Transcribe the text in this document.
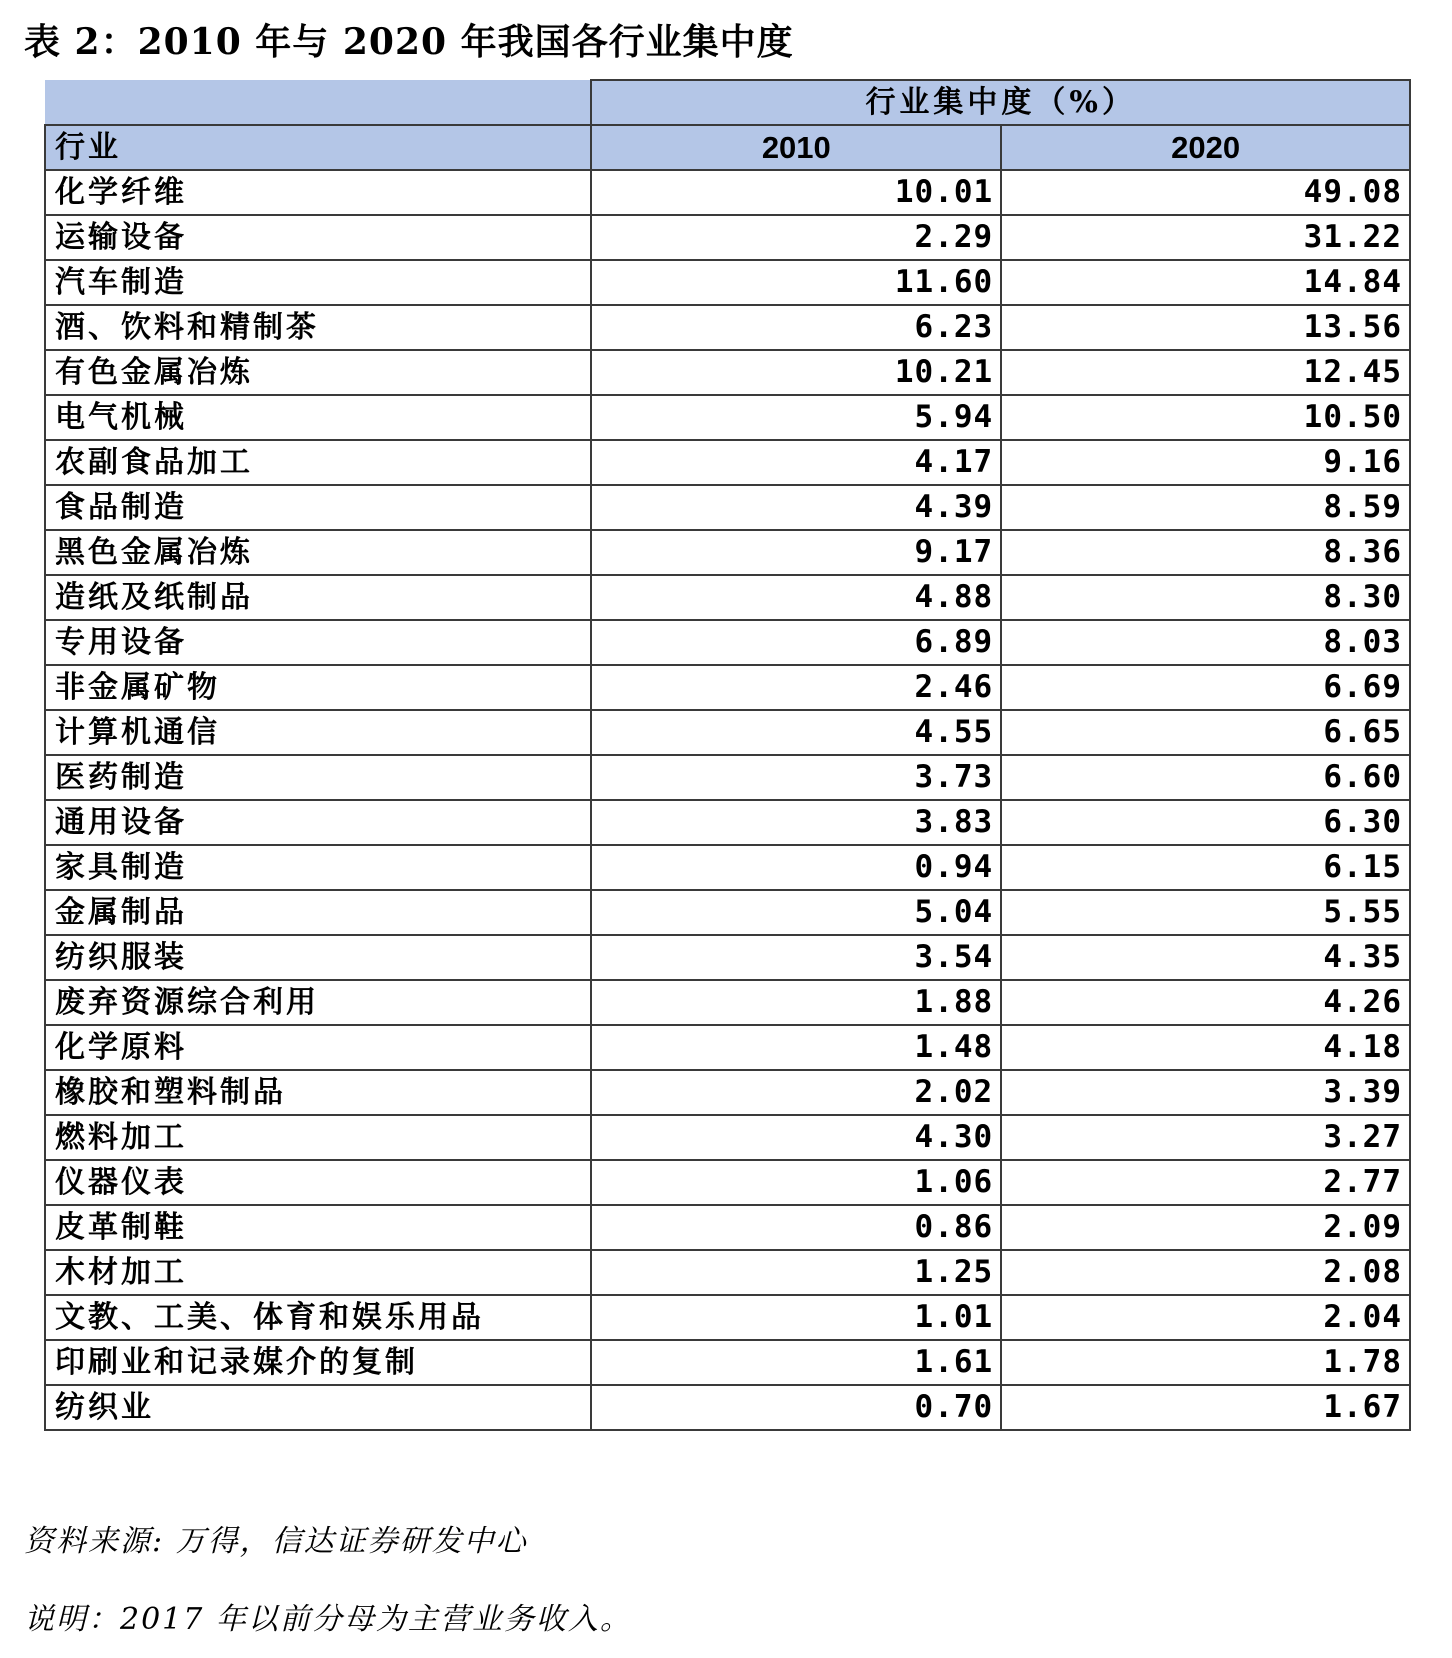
表 2：2010 年与 2020 年我国各行业集中度
	行业集中度（%）	
行业	2010	2020
化学纤维	10.01	49.08
运输设备	2.29	31.22
汽车制造	11.60	14.84
酒、饮料和精制茶	6.23	13.56
有色金属冶炼	10.21	12.45
电气机械	5.94	10.50
农副食品加工	4.17	9.16
食品制造	4.39	8.59
黑色金属冶炼	9.17	8.36
造纸及纸制品	4.88	8.30
专用设备	6.89	8.03
非金属矿物	2.46	6.69
计算机通信	4.55	6.65
医药制造	3.73	6.60
通用设备	3.83	6.30
家具制造	0.94	6.15
金属制品	5.04	5.55
纺织服装	3.54	4.35
废弃资源综合利用	1.88	4.26
化学原料	1.48	4.18
橡胶和塑料制品	2.02	3.39
燃料加工	4.30	3.27
仪器仪表	1.06	2.77
皮革制鞋	0.86	2.09
木材加工	1.25	2.08
文教、工美、体育和娱乐用品	1.01	2.04
印刷业和记录媒介的复制	1.61	1.78
纺织业	0.70	1.67
资料来源: 万得，信达证券研发中心
说明：2017 年以前分母为主营业务收入。
